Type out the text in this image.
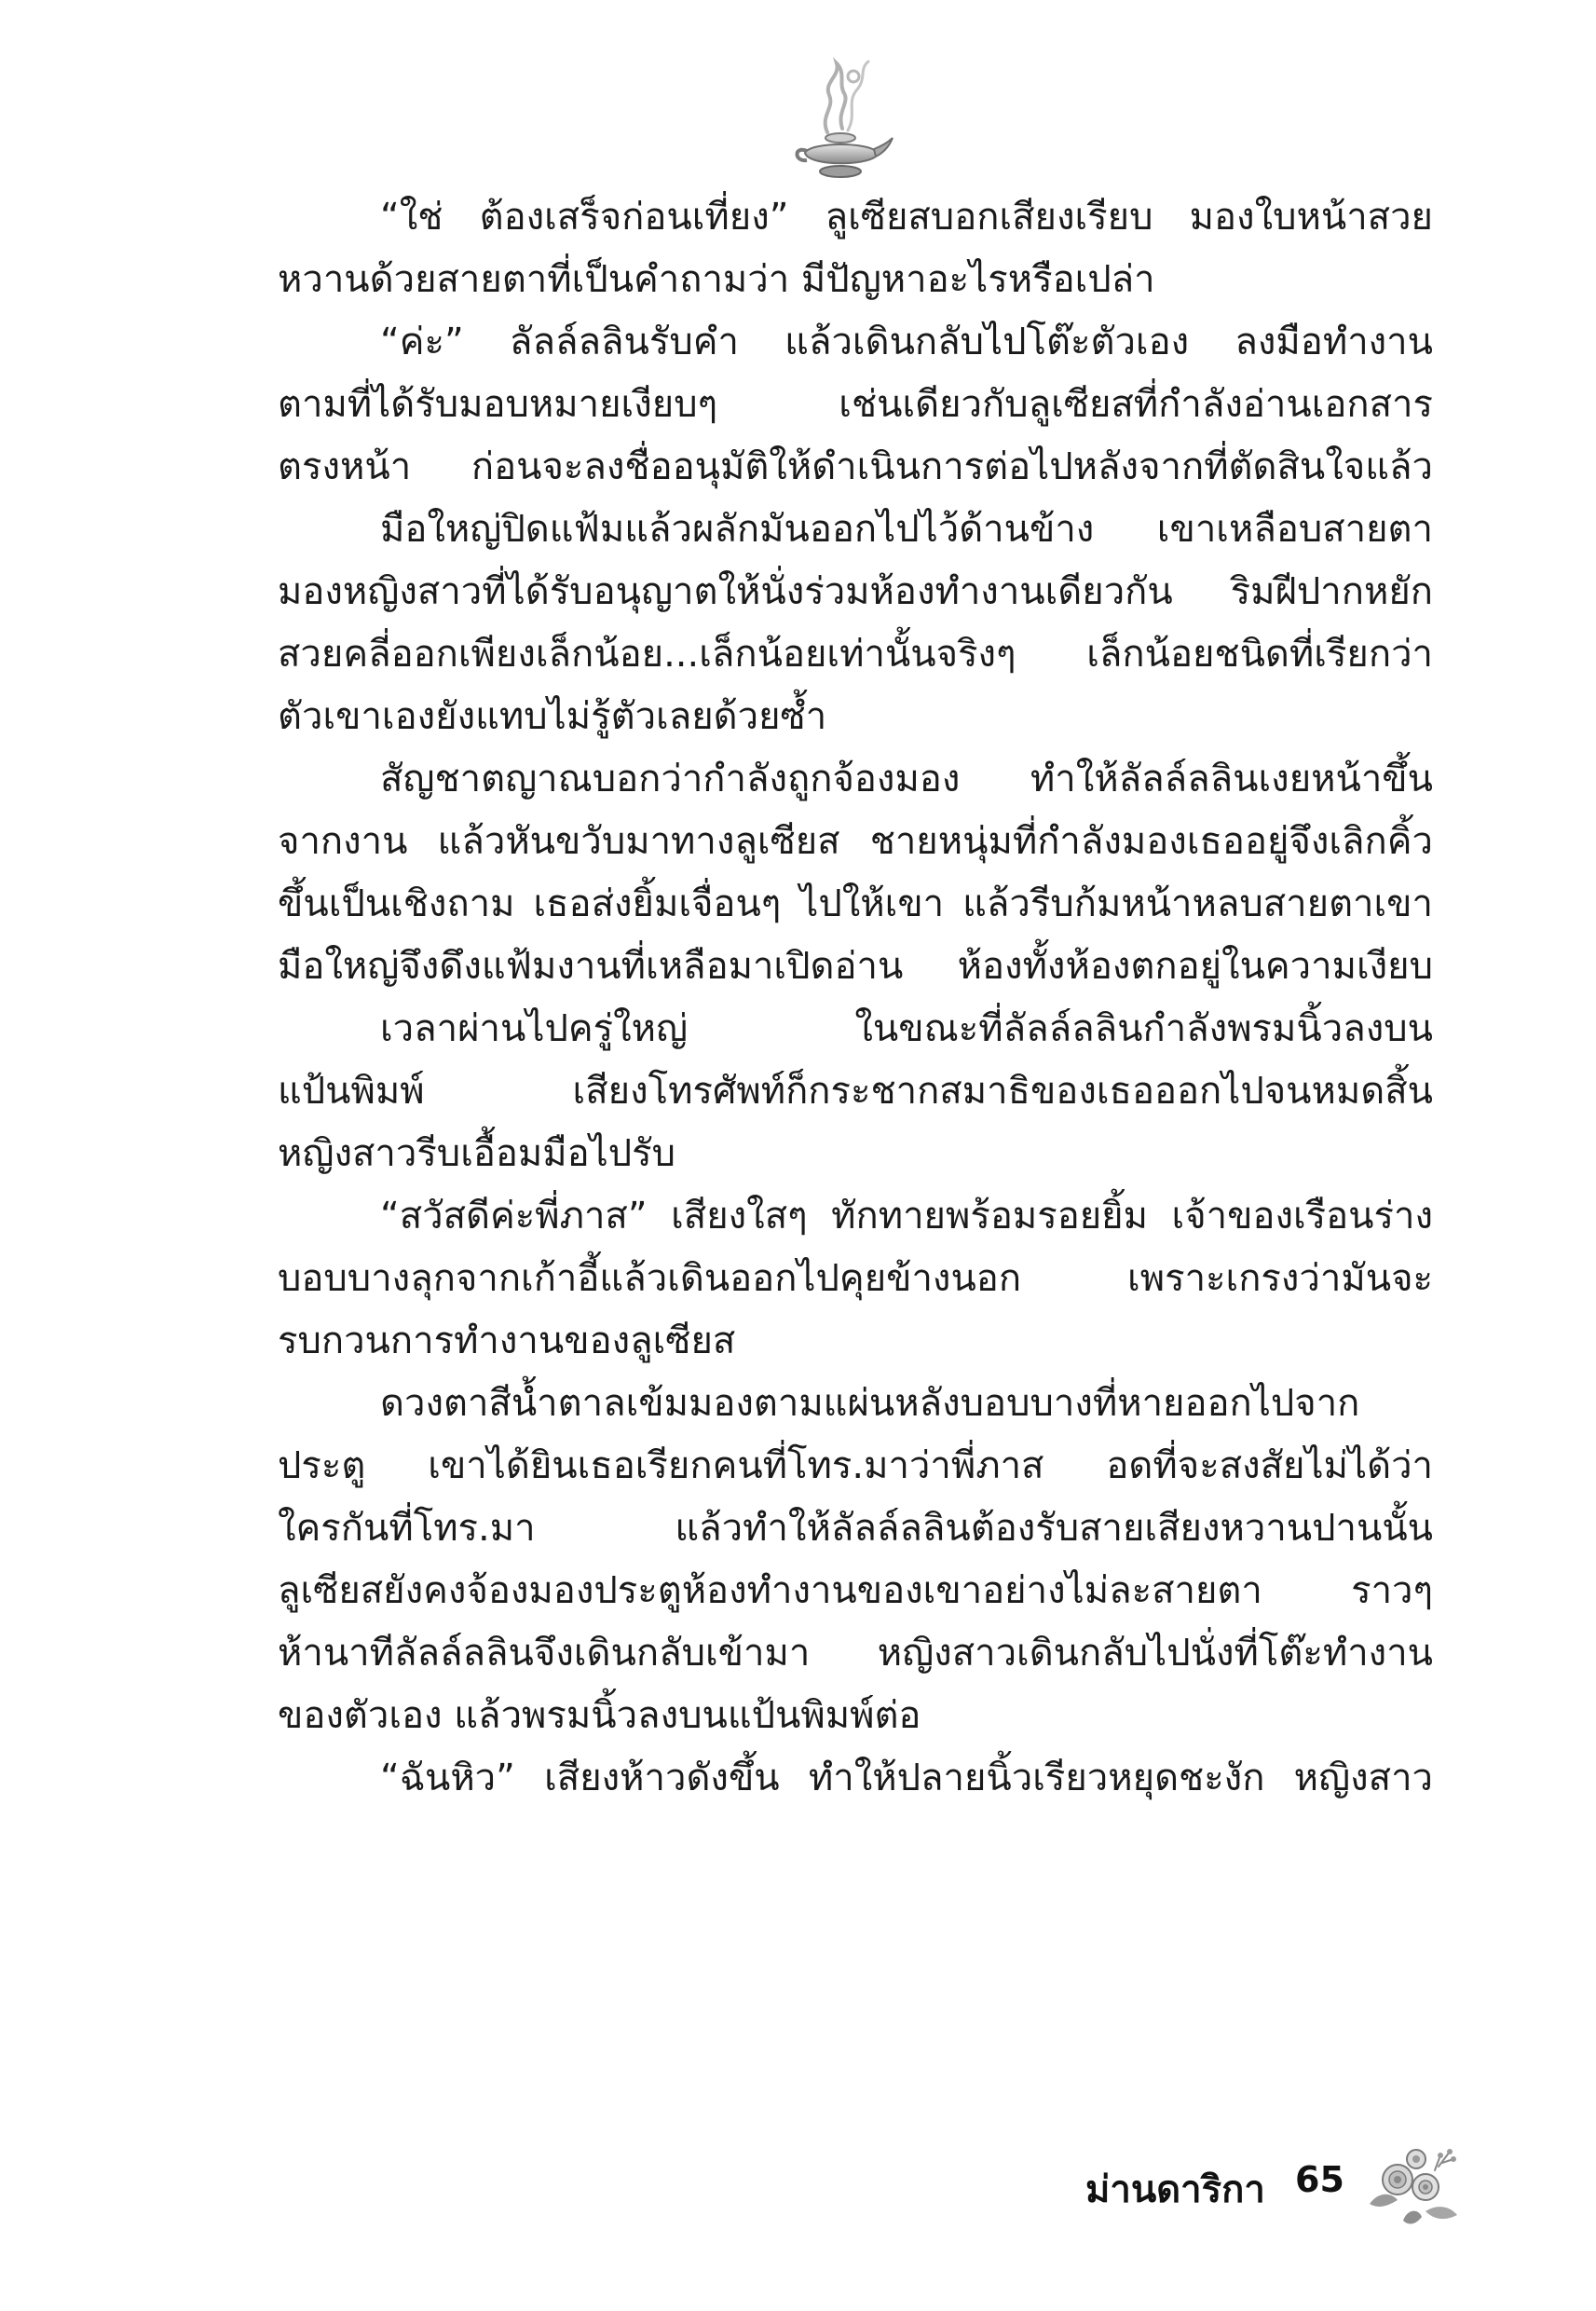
“ใช่ ต้องเสร็จก่อนเที่ยง” ลูเซียสบอกเสียงเรียบ มองใบหน้าสวย
หวานด้วยสายตาที่เป็นคำถามว่า มีปัญหาอะไรหรือเปล่า

“ค่ะ” ลัลล์ลลินรับคำ แล้วเดินกลับไปโต๊ะตัวเอง ลงมือทำงาน
ตามที่ได้รับมอบหมายเงียบๆ เช่นเดียวกับลูเซียสที่กำลังอ่านเอกสาร
ตรงหน้า ก่อนจะลงชื่ออนุมัติให้ดำเนินการต่อไปหลังจากที่ตัดสินใจแล้ว

มือใหญ่ปิดแฟ้มแล้วผลักมันออกไปไว้ด้านข้าง เขาเหลือบสายตา
มองหญิงสาวที่ได้รับอนุญาตให้นั่งร่วมห้องทำงานเดียวกัน ริมฝีปากหยัก
สวยคลี่ออกเพียงเล็กน้อย...เล็กน้อยเท่านั้นจริงๆ เล็กน้อยชนิดที่เรียกว่า
ตัวเขาเองยังแทบไม่รู้ตัวเลยด้วยซ้ำ

สัญชาตญาณบอกว่ากำลังถูกจ้องมอง ทำให้ลัลล์ลลินเงยหน้าขึ้น
จากงาน แล้วหันขวับมาทางลูเซียส ชายหนุ่มที่กำลังมองเธออยู่จึงเลิกคิ้ว
ขึ้นเป็นเชิงถาม เธอส่งยิ้มเจื่อนๆ ไปให้เขา แล้วรีบก้มหน้าหลบสายตาเขา
มือใหญ่จึงดึงแฟ้มงานที่เหลือมาเปิดอ่าน ห้องทั้งห้องตกอยู่ในความเงียบ

เวลาผ่านไปครู่ใหญ่ ในขณะที่ลัลล์ลลินกำลังพรมนิ้วลงบน
แป้นพิมพ์ เสียงโทรศัพท์ก็กระชากสมาธิของเธอออกไปจนหมดสิ้น
หญิงสาวรีบเอื้อมมือไปรับ

“สวัสดีค่ะพี่ภาส” เสียงใสๆ ทักทายพร้อมรอยยิ้ม เจ้าของเรือนร่าง
บอบบางลุกจากเก้าอี้แล้วเดินออกไปคุยข้างนอก เพราะเกรงว่ามันจะ
รบกวนการทำงานของลูเซียส

ดวงตาสีน้ำตาลเข้มมองตามแผ่นหลังบอบบางที่หายออกไปจาก
ประตู เขาได้ยินเธอเรียกคนที่โทร.มาว่าพี่ภาส อดที่จะสงสัยไม่ได้ว่า
ใครกันที่โทร.มา แล้วทำให้ลัลล์ลลินต้องรับสายเสียงหวานปานนั้น
ลูเซียสยังคงจ้องมองประตูห้องทำงานของเขาอย่างไม่ละสายตา ราวๆ
ห้านาทีลัลล์ลลินจึงเดินกลับเข้ามา หญิงสาวเดินกลับไปนั่งที่โต๊ะทำงาน
ของตัวเอง แล้วพรมนิ้วลงบนแป้นพิมพ์ต่อ

“ฉันหิว” เสียงห้าวดังขึ้น ทำให้ปลายนิ้วเรียวหยุดชะงัก หญิงสาว

ม่านดาริกา 65
